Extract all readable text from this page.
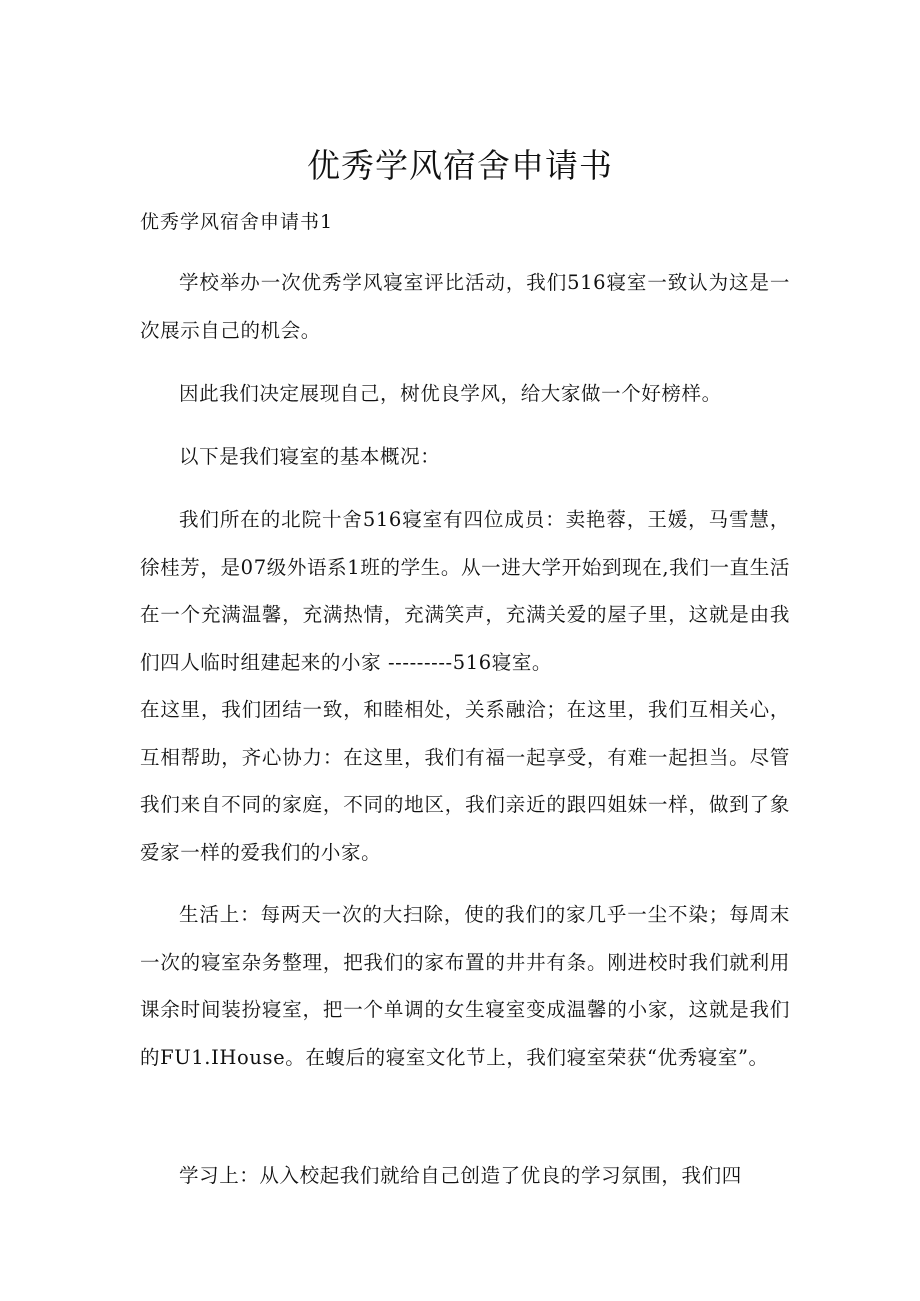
优秀学风宿舍申请书
优秀学风宿舍申请书1
学校举办一次优秀学风寝室评比活动，我们516寝室一致认为这是一次展示自己的机会。
因此我们决定展现自己，树优良学风，给大家做一个好榜样。
以下是我们寝室的基本概况：
我们所在的北院十舍516寝室有四位成员：卖艳蓉，王媛，马雪慧，徐桂芳，是07级外语系1班的学生。从一进大学开始到现在,我们一直生活在一个充满温馨，充满热情，充满笑声，充满关爱的屋子里，这就是由我们四人临时组建起来的小家 ---------516寝室。
在这里，我们团结一致，和睦相处，关系融洽；在这里，我们互相关心，互相帮助，齐心协力：在这里，我们有福一起享受，有难一起担当。尽管我们来自不同的家庭，不同的地区，我们亲近的跟四姐妹一样，做到了象爱家一样的爱我们的小家。
生活上：每两天一次的大扫除，使的我们的家几乎一尘不染；每周末一次的寝室杂务整理，把我们的家布置的井井有条。刚进校时我们就利用课余时间装扮寝室，把一个单调的女生寝室变成温馨的小家，这就是我们的FU1.IHouse。在蝮后的寝室文化节上，我们寝室荣获“优秀寝室”。
学习上：从入校起我们就给自己创造了优良的学习氛围，我们四
